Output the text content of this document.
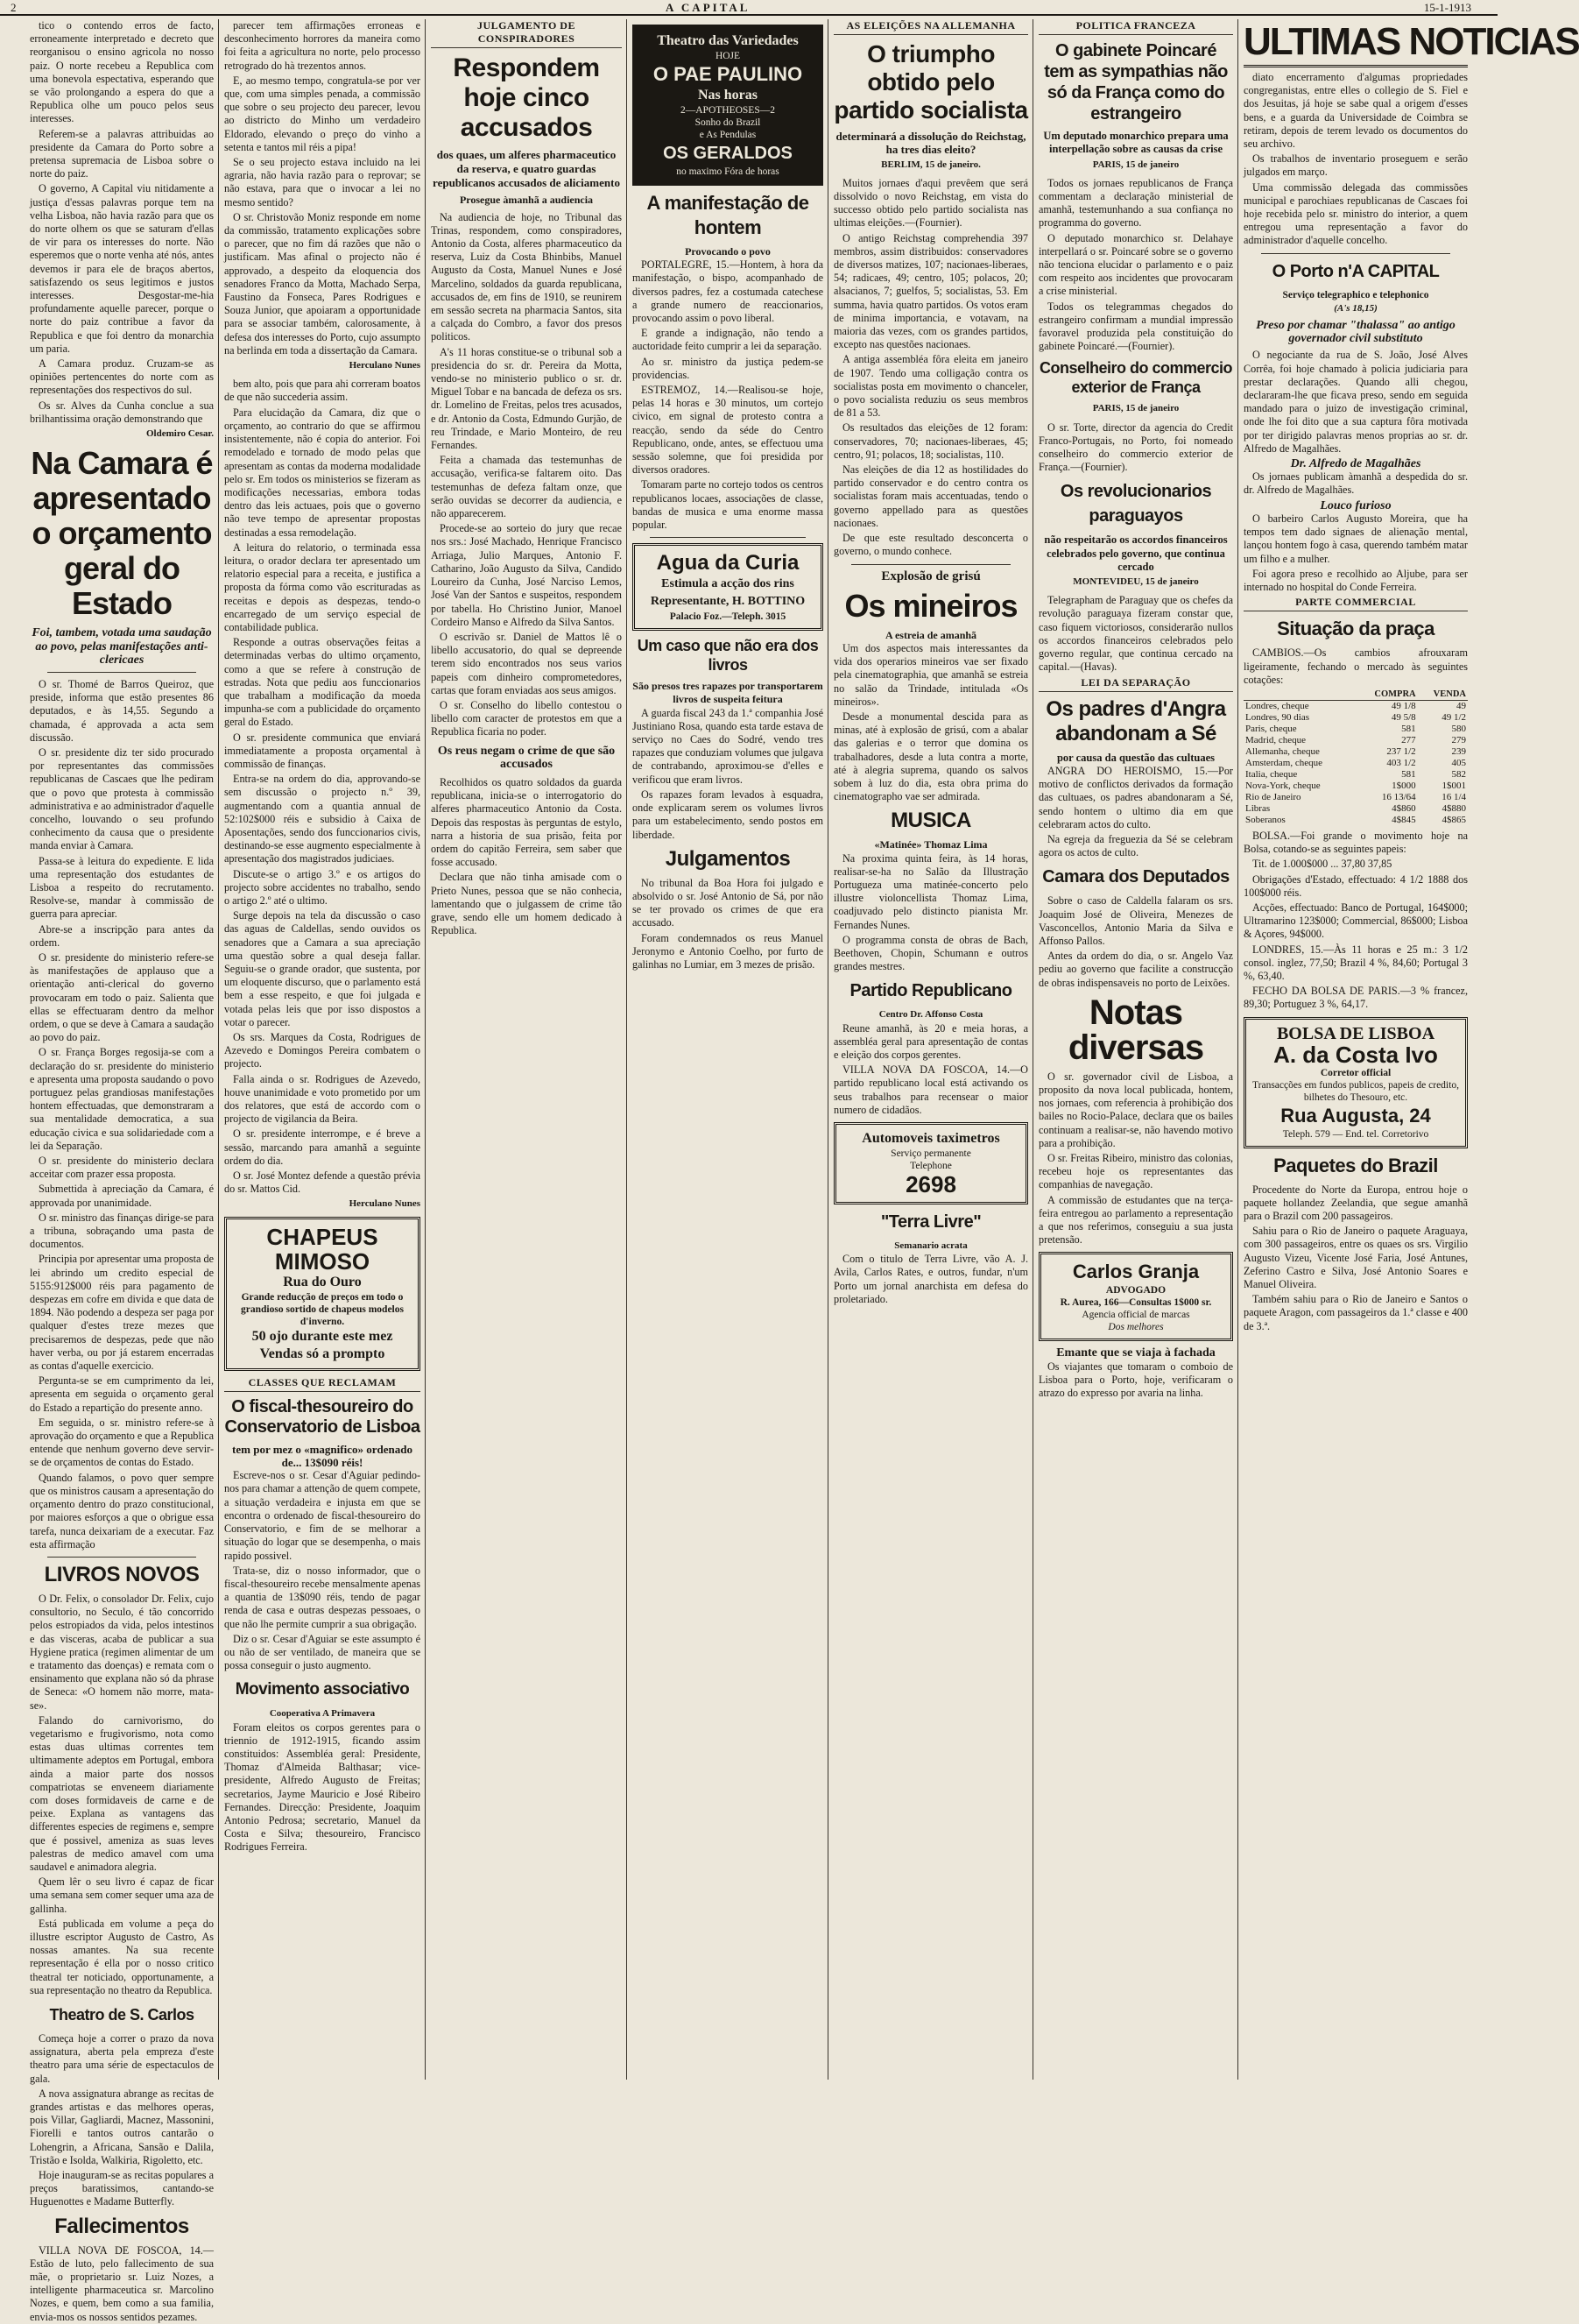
2	A CAPITAL	15-1-1913

tico o contendo erros de facto, erroneamente interpretado e decreto que reorganisou o ensino agricola no nosso paiz. O norte recebeu a Republica com uma bonevola espectativa, esperando que se vão prolongando a espera do que a Republica olhe um pouco pelos seus interesses.

Referem-se a palavras attribuidas ao presidente da Camara do Porto sobre a pretensa supremacia de Lisboa sobre o norte do paiz.

O governo, A Capital viu nitidamente a justiça d'essas palavras porque tem na velha Lisboa, não havia razão para que os do norte olhem os que se saturam d'ellas de vir para os interesses do norte. Não esperemos que o norte venha até nós, antes devemos ir para ele de braços abertos, satisfazendo os seus legitimos e justos interesses. Desgostar-me-hia profundamente aquelle parecer, porque o norte do paiz contribue a favor da Republica e que foi dentro da monarchia um paria.

A Camara produz. Cruzam-se as opiniões pertencentes do norte com as representações dos respectivos do sul.

Os sr. Alves da Cunha conclue a sua brilhantissima oração demonstrando que

Oldemiro Cesar.

Na Camara é apresentado o orçamento geral do Estado
Foi, tambem, votada uma saudação ao povo, pelas manifestações anti-clericaes

O sr. Thomé de Barros Queiroz, que preside, informa que estão presentes 86 deputados, e às 14,55. Segundo a chamada, é approvada a acta sem discussão.

O sr. presidente diz ter sido procurado por representantes das commissões republicanas de Cascaes que lhe pediram que o povo que protesta à commissão administrativa e ao administrador d'aquelle concelho, louvando o seu profundo conhecimento da causa que o presidente manda enviar à Camara.

Passa-se à leitura do expediente. E lida uma representação dos estudantes de Lisboa a respeito do recrutamento. Resolve-se, mandar à commissão de guerra para apreciar.

Abre-se a inscripção para antes da ordem.

O sr. presidente do ministerio refere-se às manifestações de applauso que a orientação anti-clerical do governo provocaram em todo o paiz. Salienta que ellas se effectuaram dentro da melhor ordem, o que se deve à Camara a saudação ao povo do paiz.

O sr. França Borges regosija-se com a declaração do sr. presidente do ministerio e apresenta uma proposta saudando o povo portuguez pelas grandiosas manifestações hontem effectuadas, que demonstraram a sua mentalidade democratica, a sua educação civica e sua solidariedade com a lei da Separação.

O sr. presidente do ministerio declara acceitar com prazer essa proposta.

Submettida à apreciação da Camara, é approvada por unanimidade.

O sr. ministro das finanças dirige-se para a tribuna, sobraçando uma pasta de documentos.

Principia por apresentar uma proposta de lei abrindo um credito especial de 5155:912$000 réis para pagamento de despezas em cofre em divida e que data de 1894. Não podendo a despeza ser paga por qualquer d'estes treze mezes que precisaremos de despezas, pede que não haver verba, ou por já estarem encerradas as contas d'aquelle exercicio.

Pergunta-se se em cumprimento da lei, apresenta em seguida o orçamento geral do Estado a repartição do presente anno.

Em seguida, o sr. ministro refere-se à aprovação do orçamento e que a Republica entende que nenhum governo deve servir-se de orçamentos de contas do Estado.

Quando falamos, o povo quer sempre que os ministros causam a apresentação do orçamento dentro do prazo constitucional, por maiores esforços a que o obrigue essa tarefa, nunca deixariam de a executar. Faz esta affirmação

LIVROS NOVOS

O Dr. Felix, o consolador Dr. Felix, cujo consultorio, no Seculo, é tão concorrido pelos estropiados da vida, pelos intestinos e das visceras, acaba de publicar a sua Hygiene pratica (regimen alimentar de um e tratamento das doenças) e remata com o ensinamento que explana não só da phrase de Seneca: «O homem não morre, mata-se».

Falando do carnivorismo, do vegetarismo e frugivorismo, nota como estas duas ultimas correntes tem ultimamente adeptos em Portugal, embora ainda a maior parte dos nossos compatriotas se enveneem diariamente com doses formidaveis de carne e de peixe. Explana as vantagens das differentes especies de regimens e, sempre que é possivel, ameniza as suas leves palestras de medico amavel com uma saudavel e animadora alegria.

Quem lêr o seu livro é capaz de ficar uma semana sem comer sequer uma aza de gallinha.

Está publicada em volume a peça do illustre escriptor Augusto de Castro, As nossas amantes. Na sua recente representação é ella por o nosso critico theatral ter noticiado, opportunamente, a sua representação no theatro da Republica.

Theatro de S. Carlos

Começa hoje a correr o prazo da nova assignatura, aberta pela empreza d'este theatro para uma série de espectaculos de gala.

A nova assignatura abrange as recitas de grandes artistas e das melhores operas, pois Villar, Gagliardi, Macnez, Massonini, Fiorelli e tantos outros cantarão o Lohengrin, a Africana, Sansão e Dalila, Tristão e Isolda, Walkiria, Rigoletto, etc.

Hoje inauguram-se as recitas populares a preços baratissimos, cantando-se Huguenottes e Madame Butterfly.

Fallecimentos

VILLA NOVA DE FOSCOA, 14.—Estão de luto, pelo fallecimento de sua mãe, o proprietario sr. Luiz Nozes, a intelligente pharmaceutica sr. Marcolino Nozes, e quem, bem como a sua familia, envia-mos os nossos sentidos pezames.

parecer tem affirmações erroneas e desconhecimento horrores da maneira como foi feita a agricultura no norte, pelo processo retrogrado do hà trezentos annos.

E, ao mesmo tempo, congratula-se por ver que, com uma simples penada, a commissão que sobre o seu projecto deu parecer, levou ao districto do Minho um verdadeiro Eldorado, elevando o preço do vinho a setenta e tantos mil réis a pipa!

Se o seu projecto estava incluido na lei agraria, não havia razão para o reprovar; se não estava, para que o invocar a lei no mesmo sentido?

O sr. Christovão Moniz responde em nome da commissão, tratamento explicações sobre o parecer, que no fim dá razões que não o justificam. Mas afinal o projecto não é approvado, a despeito da eloquencia dos senadores Franco da Motta, Machado Serpa, Faustino da Fonseca, Pares Rodrigues e Souza Junior, que apoiaram a opportunidade para se associar também, calorosamente, à defesa dos interesses do Porto, cujo assumpto na berlinda em toda a dissertação da Camara.

Herculano Nunes

bem alto, pois que para ahi correram boatos de que não succederia assim.

Para elucidação da Camara, diz que o orçamento, ao contrario do que se affirmou insistentemente, não é copia do anterior. Foi remodelado e tornado de modo pelas que apresentam as contas da moderna modalidade pelo sr. Em todos os ministerios se fizeram as modificações necessarias, embora todas dentro das leis actuaes, pois que o governo não teve tempo de apresentar propostas destinadas a essa remodelação.

A leitura do relatorio, o terminada essa leitura, o orador declara ter apresentado um relatorio especial para a receita, e justifica a proposta da fórma como vão escrituradas as receitas e depois as despezas, tendo-o encarregado de um serviço especial de contabilidade publica.

Responde a outras observações feitas a determinadas verbas do ultimo orçamento, como a que se refere à construção de estradas. Nota que pediu aos funccionarios que trabalham a modificação da moeda impunha-se com a publicidade do orçamento geral do Estado.

O sr. presidente communica que enviará immediatamente a proposta orçamental à commissão de finanças.

Entra-se na ordem do dia, approvando-se sem discussão o projecto n.º 39, augmentando com a quantia annual de 52:102$000 réis e subsidio à Caixa de Aposentações, sendo dos funccionarios civis, destinando-se esse augmento especialmente à apresentação dos magistrados judiciaes.

Discute-se o artigo 3.º e os artigos do projecto sobre accidentes no trabalho, sendo o artigo 2.º até o ultimo.

Surge depois na tela da discussão o caso das aguas de Caldellas, sendo ouvidos os senadores que a Camara a sua apreciação uma questão sobre a qual deseja fallar. Seguiu-se o grande orador, que sustenta, por um eloquente discurso, que o parlamento está bem a esse respeito, e que foi julgada e votada pelas leis que por isso dispostos a votar o parecer.

Os srs. Marques da Costa, Rodrigues de Azevedo e Domingos Pereira combatem o projecto.

Falla ainda o sr. Rodrigues de Azevedo, houve unanimidade e voto prometido por um dos relatores, que está de accordo com o projecto de vigilancia da Beira.

O sr. presidente interrompe, e é breve a sessão, marcando para amanhã a seguinte ordem do dia.

O sr. José Montez defende a questão prévia do sr. Mattos Cid.

Herculano Nunes

CHAPEUS MIMOSO
Rua do Ouro
Grande reducção de preços em todo o grandioso sortido de chapeus modelos d'inverno.
50 ojo durante este mez
Vendas só a prompto
CLASSES QUE RECLAMAM
O fiscal-thesoureiro do Conservatorio de Lisboa
tem por mez o «magnifico» ordenado de... 13$090 réis!

Escreve-nos o sr. Cesar d'Aguiar pedindo-nos para chamar a attenção de quem compete, a situação verdadeira e injusta em que se encontra o ordenado de fiscal-thesoureiro do Conservatorio, e fim de se melhorar a situação do logar que se desempenha, o mais rapido possivel.

Trata-se, diz o nosso informador, que o fiscal-thesoureiro recebe mensalmente apenas a quantia de 13$090 réis, tendo de pagar renda de casa e outras despezas pessoaes, o que não lhe permite cumprir a sua obrigação.

Diz o sr. Cesar d'Aguiar se este assumpto é ou não de ser ventilado, de maneira que se possa conseguir o justo augmento.

Movimento associativo
Cooperativa A Primavera

Foram eleitos os corpos gerentes para o triennio de 1912-1915, ficando assim constituidos: Assembléa geral: Presidente, Thomaz d'Almeida Balthasar; vice-presidente, Alfredo Augusto de Freitas; secretarios, Jayme Mauricio e José Ribeiro Fernandes. Direcção: Presidente, Joaquim Antonio Pedrosa; secretario, Manuel da Costa e Silva; thesoureiro, Francisco Rodrigues Ferreira.

JULGAMENTO DE CONSPIRADORES
Respondem hoje cinco accusados
dos quaes, um alferes pharmaceutico da reserva, e quatro guardas republicanos accusados de aliciamento
Prosegue àmanhã a audiencia

Na audiencia de hoje, no Tribunal das Trinas, respondem, como conspiradores, Antonio da Costa, alferes pharmaceutico da reserva, Luiz da Costa Bhinbibs, Manuel Augusto da Costa, Manuel Nunes e José Marcelino, soldados da guarda republicana, accusados de, em fins de 1910, se reunirem em sessão secreta na pharmacia Santos, sita a calçada do Combro, a favor dos presos politicos.

A's 11 horas constitue-se o tribunal sob a presidencia do sr. dr. Pereira da Motta, vendo-se no ministerio publico o sr. dr. Miguel Tobar e na bancada de defeza os srs. dr. Lomelino de Freitas, pelos tres acusados, e dr. Antonio da Costa, Edmundo Gurjão, de reu Trindade, e Mario Monteiro, de reu Fernandes.

Feita a chamada das testemunhas de accusação, verifica-se faltarem oito. Das testemunhas de defeza faltam onze, que serão ouvidas se decorrer da audiencia, e não apparecerem.

Procede-se ao sorteio do jury que recae nos srs.: José Machado, Henrique Francisco Arriaga, Julio Marques, Antonio F. Catharino, João Augusto da Silva, Candido Loureiro da Cunha, José Narciso Lemos, José Van der Santos e suspeitos, respondem por tabella. Ho Christino Junior, Manoel Cordeiro Manso e Alfredo da Silva Santos.

O escrivão sr. Daniel de Mattos lê o libello accusatorio, do qual se depreende terem sido encontrados nos seus varios papeis com dinheiro comprometedores, cartas que foram enviadas aos seus amigos.

O sr. Conselho do libello contestou o libello com caracter de protestos em que a Republica ficaria no poder.

Os reus negam o crime de que são accusados

Recolhidos os quatro soldados da guarda republicana, inicia-se o interrogatorio do alferes pharmaceutico Antonio da Costa. Depois das respostas às perguntas de estylo, narra a historia de sua prisão, feita por ordem do capitão Ferreira, sem saber que fosse accusado.

Declara que não tinha amisade com o Prieto Nunes, pessoa que se não conhecia, lamentando que o julgassem de crime tão grave, sendo elle um homem dedicado à Republica.

Theatro das Variedades
HOJE
O PAE PAULINO
Nas horas
2—APOTHEOSES—2
Sonho do Brazil
e As Pendulas
OS GERALDOS
no maximo Fóra de horas
A manifestação de hontem
Provocando o povo

PORTALEGRE, 15.—Hontem, à hora da manifestação, o bispo, acompanhado de diversos padres, fez a costumada catechese a grande numero de reaccionarios, provocando assim o povo liberal.

E grande a indignação, não tendo a auctoridade feito cumprir a lei da separação.

Ao sr. ministro da justiça pedem-se providencias.

ESTREMOZ, 14.—Realisou-se hoje, pelas 14 horas e 30 minutos, um cortejo civico, em signal de protesto contra a reacção, sendo da séde do Centro Republicano, onde, antes, se effectuou uma sessão solemne, que foi presidida por diversos oradores.

Tomaram parte no cortejo todos os centros republicanos locaes, associações de classe, bandas de musica e uma enorme massa popular.

Agua da Curia
Estimula a acção dos rins
Representante, H. BOTTINO
Palacio Foz.—Teleph. 3015
Um caso que não era dos livros
São presos tres rapazes por transportarem livros de suspeita feitura

A guarda fiscal 243 da 1.ª companhia José Justiniano Rosa, quando esta tarde estava de serviço no Caes do Sodré, vendo tres rapazes que conduziam volumes que julgava de contrabando, aproximou-se d'elles e verificou que eram livros.

Os rapazes foram levados à esquadra, onde explicaram serem os volumes livros para um estabelecimento, sendo postos em liberdade.

Julgamentos

No tribunal da Boa Hora foi julgado e absolvido o sr. José Antonio de Sá, por não se ter provado os crimes de que era accusado.

Foram condemnados os reus Manuel Jeronymo e Antonio Coelho, por furto de galinhas no Lumiar, em 3 mezes de prisão.

AS ELEIÇÕES NA ALLEMANHA
O triumpho obtido pelo partido socialista
determinará a dissolução do Reichstag, ha tres dias eleito?

BERLIM, 15 de janeiro.

Muitos jornaes d'aqui prevêem que será dissolvido o novo Reichstag, em vista do successo obtido pelo partido socialista nas ultimas eleições.—(Fournier).

O antigo Reichstag comprehendia 397 membros, assim distribuidos: conservadores de diversos matizes, 107; nacionaes-liberaes, 54; radicaes, 49; centro, 105; polacos, 20; alsacianos, 7; guelfos, 5; socialistas, 53. Em summa, havia quatro partidos. Os votos eram de minima importancia, e votavam, na maioria das vezes, com os grandes partidos, excepto nas questões nacionaes.

A antiga assembléa fôra eleita em janeiro de 1907. Tendo uma colligação contra os socialistas posta em movimento o chanceler, o povo socialista reduziu os seus membros de 81 a 53.

Os resultados das eleições de 12 foram: conservadores, 70; nacionaes-liberaes, 45; centro, 91; polacos, 18; socialistas, 110.

Nas eleições de dia 12 as hostilidades do partido conservador e do centro contra os socialistas foram mais accentuadas, tendo o governo appellado para as questões nacionaes.

De que este resultado desconcerta o governo, o mundo conhece.

Explosão de grisú
Os mineiros
A estreia de amanhã

Um dos aspectos mais interessantes da vida dos operarios mineiros vae ser fixado pela cinematographia, que amanhã se estreia no salão da Trindade, intitulada «Os mineiros».

Desde a monumental descida para as minas, até à explosão de grisú, com a abalar das galerias e o terror que domina os trabalhadores, desde a luta contra a morte, até à alegria suprema, quando os salvos sobem à luz do dia, esta obra prima do cinematographo vae ser admirada.

MUSICA
«Matinée» Thomaz Lima

Na proxima quinta feira, às 14 horas, realisar-se-ha no Salão da Illustração Portugueza uma matinée-concerto pelo illustre violoncellista Thomaz Lima, coadjuvado pelo distincto pianista Mr. Fernandes Nunes.

O programma consta de obras de Bach, Beethoven, Chopin, Schumann e outros grandes mestres.

Partido Republicano
Centro Dr. Affonso Costa

Reune amanhã, às 20 e meia horas, a assembléa geral para apresentação de contas e eleição dos corpos gerentes.

VILLA NOVA DA FOSCOA, 14.—O partido republicano local está activando os seus trabalhos para recensear o maior numero de cidadãos.

Automoveis taximetros
Serviço permanente
Telephone
2698
"Terra Livre"
Semanario acrata

Com o titulo de Terra Livre, vão A. J. Avila, Carlos Rates, e outros, fundar, n'um Porto um jornal anarchista em defesa do proletariado.

POLITICA FRANCEZA
O gabinete Poincaré tem as sympathias não só da França como do estrangeiro
Um deputado monarchico prepara uma interpellação sobre as causas da crise

PARIS, 15 de janeiro

Todos os jornaes republicanos de França commentam a declaração ministerial de amanhã, testemunhando a sua confiança no programma do governo.

O deputado monarchico sr. Delahaye interpellará o sr. Poincaré sobre se o governo não tenciona elucidar o parlamento e o paiz com respeito aos incidentes que provocaram a crise ministerial.

Todos os telegrammas chegados do estrangeiro confirmam a mundial impressão favoravel produzida pela constituição do gabinete Poincaré.—(Fournier).

Conselheiro do commercio exterior de França

PARIS, 15 de janeiro

O sr. Torte, director da agencia do Credit Franco-Portugais, no Porto, foi nomeado conselheiro do commercio exterior de França.—(Fournier).

Os revolucionarios paraguayos
não respeitarão os accordos financeiros celebrados pelo governo, que continua cercado

MONTEVIDEU, 15 de janeiro

Telegrapham de Paraguay que os chefes da revolução paraguaya fizeram constar que, caso fiquem victoriosos, considerarão nullos os accordos financeiros celebrados pelo governo regular, que continua cercado na capital.—(Havas).

LEI DA SEPARAÇÃO
Os padres d'Angra abandonam a Sé
por causa da questão das cultuaes

ANGRA DO HEROISMO, 15.—Por motivo de conflictos derivados da formação das cultuaes, os padres abandonaram a Sé, sendo hontem o ultimo dia em que celebraram actos do culto.

Na egreja da freguezia da Sé se celebram agora os actos de culto.

Camara dos Deputados

Sobre o caso de Caldella falaram os srs. Joaquim José de Oliveira, Menezes de Vasconcellos, Antonio Maria da Silva e Affonso Pallos.

Antes da ordem do dia, o sr. Angelo Vaz pediu ao governo que facilite a construcção de obras indispensaveis no porto de Leixões.

Notas diversas

O sr. governador civil de Lisboa, a proposito da nova local publicada, hontem, nos jornaes, com referencia à prohibição dos bailes no Rocio-Palace, declara que os bailes continuam a realisar-se, não havendo motivo para a prohibição.

O sr. Freitas Ribeiro, ministro das colonias, recebeu hoje os representantes das companhias de navegação.

A commissão de estudantes que na terça-feira entregou ao parlamento a representação a que nos referimos, conseguiu a sua justa pretensão.

Carlos Granja
ADVOGADO
R. Aurea, 166—Consultas 1$000 sr.
Agencia official de marcas
Dos melhores
Emante que se viaja à fachada

Os viajantes que tomaram o comboio de Lisboa para o Porto, hoje, verificaram o atrazo do expresso por avaria na linha.

ULTIMAS NOTICIAS

diato encerramento d'algumas propriedades congreganistas, entre elles o collegio de S. Fiel e dos Jesuitas, já hoje se sabe qual a origem d'esses bens, e a guarda da Universidade de Coimbra se retiram, depois de terem levado os documentos do seu archivo.

Os trabalhos de inventario proseguem e serão julgados em março.

Uma commissão delegada das commissões municipal e parochiaes republicanas de Cascaes foi hoje recebida pelo sr. ministro do interior, a quem entregou uma representação a favor do administrador d'aquelle concelho.

O Porto n'A CAPITAL
Serviço telegraphico e telephonico
(A's 18,15)
Preso por chamar "thalassa" ao antigo governador civil substituto

O negociante da rua de S. João, José Alves Corrêa, foi hoje chamado à policia judiciaria para prestar declarações. Quando alli chegou, declararam-lhe que ficava preso, sendo em seguida mandado para o juizo de investigação criminal, onde lhe foi dito que a sua captura fôra motivada por ter dirigido palavras menos proprias ao sr. dr. Alfredo de Magalhães.

Dr. Alfredo de Magalhães

Os jornaes publicam àmanhã a despedida do sr. dr. Alfredo de Magalhães.

Louco furioso

O barbeiro Carlos Augusto Moreira, que ha tempos tem dado signaes de alienação mental, lançou hontem fogo à casa, querendo também matar um filho e a mulher.

Foi agora preso e recolhido ao Aljube, para ser internado no hospital do Conde Ferreira.

PARTE COMMERCIAL
Situação da praça

CAMBIOS.—Os cambios afrouxaram ligeiramente, fechando o mercado às seguintes cotações:

	COMPRA	VENDA
Londres, cheque	49 1/8	49
Londres, 90 dias	49 5/8	49 1/2
Paris, cheque	581	580
Madrid, cheque	277	279
Allemanha, cheque	237 1/2	239
Amsterdam, cheque	403 1/2	405
Italia, cheque	581	582
Nova-York, cheque	1$000	1$001
Rio de Janeiro	16 13/64	16 1/4
Libras	4$860	4$880
Soberanos	4$845	4$865

BOLSA.—Foi grande o movimento hoje na Bolsa, cotando-se as seguintes papeis:

Tit. de 1.000$000 ... 37,80 37,85

Obrigações d'Estado, effectuado: 4 1/2 1888 dos 100$000 réis.

Acções, effectuado: Banco de Portugal, 164$000; Ultramarino 123$000; Commercial, 86$000; Lisboa & Açores, 94$000.

LONDRES, 15.—Às 11 horas e 25 m.: 3 1/2 consol. inglez, 77,50; Brazil 4 %, 84,60; Portugal 3 %, 63,40.

FECHO DA BOLSA DE PARIS.—3 % francez, 89,30; Portuguez 3 %, 64,17.

BOLSA DE LISBOA
A. da Costa Ivo
Corretor official
Transacções em fundos publicos, papeis de credito, bilhetes do Thesouro, etc.
Rua Augusta, 24
Teleph. 579 — End. tel. Corretorivo
Paquetes do Brazil

Procedente do Norte da Europa, entrou hoje o paquete hollandez Zeelandia, que segue amanhã para o Brazil com 200 passageiros.

Sahiu para o Rio de Janeiro o paquete Araguaya, com 300 passageiros, entre os quaes os srs. Virgilio Augusto Vizeu, Vicente José Faria, José Antunes, Zeferino Castro e Silva, José Antonio Soares e Manuel Oliveira.

Também sahiu para o Rio de Janeiro e Santos o paquete Aragon, com passageiros da 1.ª classe e 400 de 3.ª.
